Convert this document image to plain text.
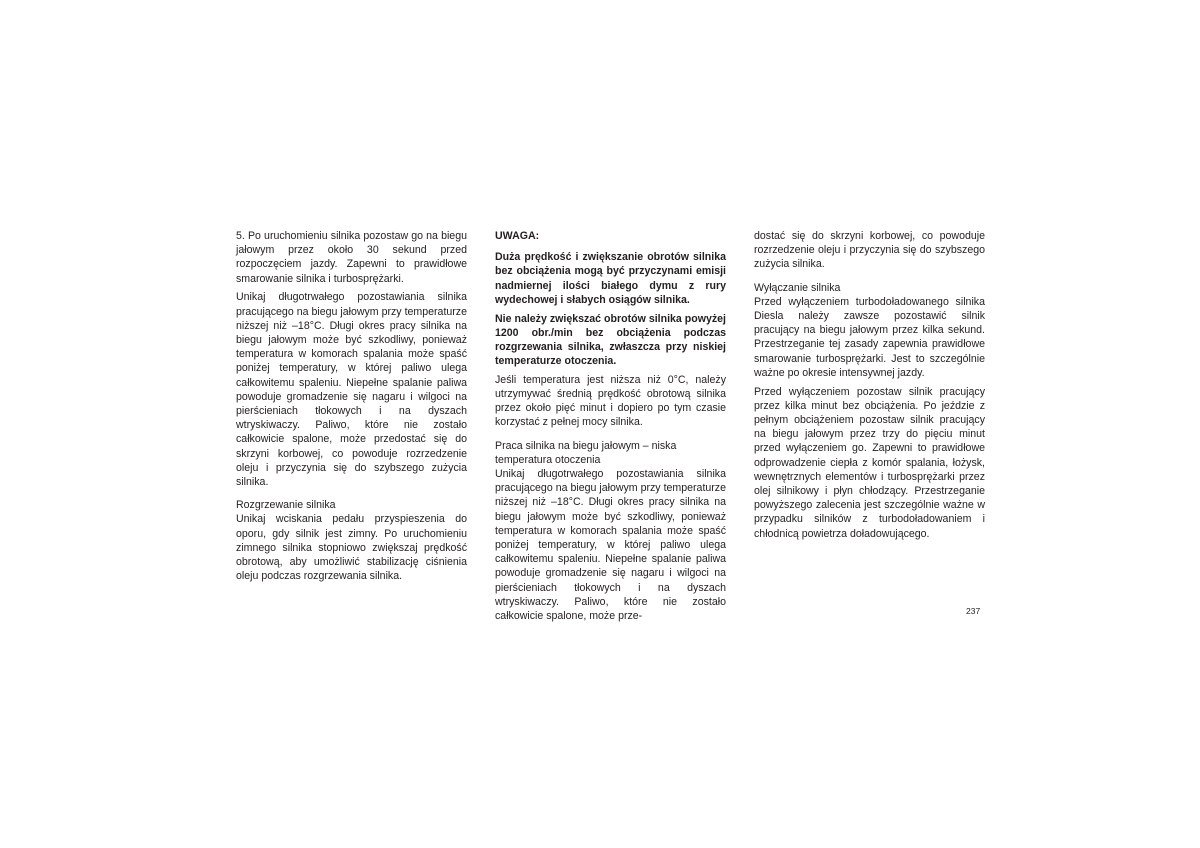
5. Po uruchomieniu silnika pozostaw go na biegu jałowym przez około 30 sekund przed rozpoczęciem jazdy. Zapewni to prawidłowe smarowanie silnika i turbosprężarki.

Unikaj długotrwałego pozostawiania silnika pracującego na biegu jałowym przy temperaturze niższej niż –18°C. Długi okres pracy silnika na biegu jałowym może być szkodliwy, ponieważ temperatura w komorach spalania może spaść poniżej temperatury, w której paliwo ulega całkowitemu spaleniu. Niepełne spalanie paliwa powoduje gromadzenie się nagaru i wilgoci na pierścieniach tłokowych i na dyszach wtryskiwaczy. Paliwo, które nie zostało całkowicie spalone, może przedostać się do skrzyni korbowej, co powoduje rozrzedzenie oleju i przyczynia się do szybszego zużycia silnika.

Rozgrzewanie silnika

Unikaj wciskania pedału przyspieszenia do oporu, gdy silnik jest zimny. Po uruchomieniu zimnego silnika stopniowo zwiększaj prędkość obrotową, aby umożliwić stabilizację ciśnienia oleju podczas rozgrzewania silnika.

UWAGA:

Duża prędkość i zwiększanie obrotów silnika bez obciążenia mogą być przyczynami emisji nadmiernej ilości białego dymu z rury wydechowej i słabych osiągów silnika.

Nie należy zwiększać obrotów silnika powyżej 1200 obr./min bez obciążenia podczas rozgrzewania silnika, zwłaszcza przy niskiej temperaturze otoczenia.

Jeśli temperatura jest niższa niż 0°C, należy utrzymywać średnią prędkość obrotową silnika przez około pięć minut i dopiero po tym czasie korzystać z pełnej mocy silnika.

Praca silnika na biegu jałowym – niska temperatura otoczenia

Unikaj długotrwałego pozostawiania silnika pracującego na biegu jałowym przy temperaturze niższej niż –18°C. Długi okres pracy silnika na biegu jałowym może być szkodliwy, ponieważ temperatura w komorach spalania może spaść poniżej temperatury, w której paliwo ulega całkowitemu spaleniu. Niepełne spalanie paliwa powoduje gromadzenie się nagaru i wilgoci na pierścieniach tłokowych i na dyszach wtryskiwaczy. Paliwo, które nie zostało całkowicie spalone, może prze-

dostać się do skrzyni korbowej, co powoduje rozrzedzenie oleju i przyczynia się do szybszego zużycia silnika.

Wyłączanie silnika

Przed wyłączeniem turbodoładowanego silnika Diesla należy zawsze pozostawić silnik pracujący na biegu jałowym przez kilka sekund. Przestrzeganie tej zasady zapewnia prawidłowe smarowanie turbosprężarki. Jest to szczególnie ważne po okresie intensywnej jazdy.

Przed wyłączeniem pozostaw silnik pracujący przez kilka minut bez obciążenia. Po jeździe z pełnym obciążeniem pozostaw silnik pracujący na biegu jałowym przez trzy do pięciu minut przed wyłączeniem go. Zapewni to prawidłowe odprowadzenie ciepła z komór spalania, łożysk, wewnętrznych elementów i turbosprężarki przez olej silnikowy i płyn chłodzący. Przestrzeganie powyższego zalecenia jest szczególnie ważne w przypadku silników z turbodoładowaniem i chłodnicą powietrza doładowującego.

237
